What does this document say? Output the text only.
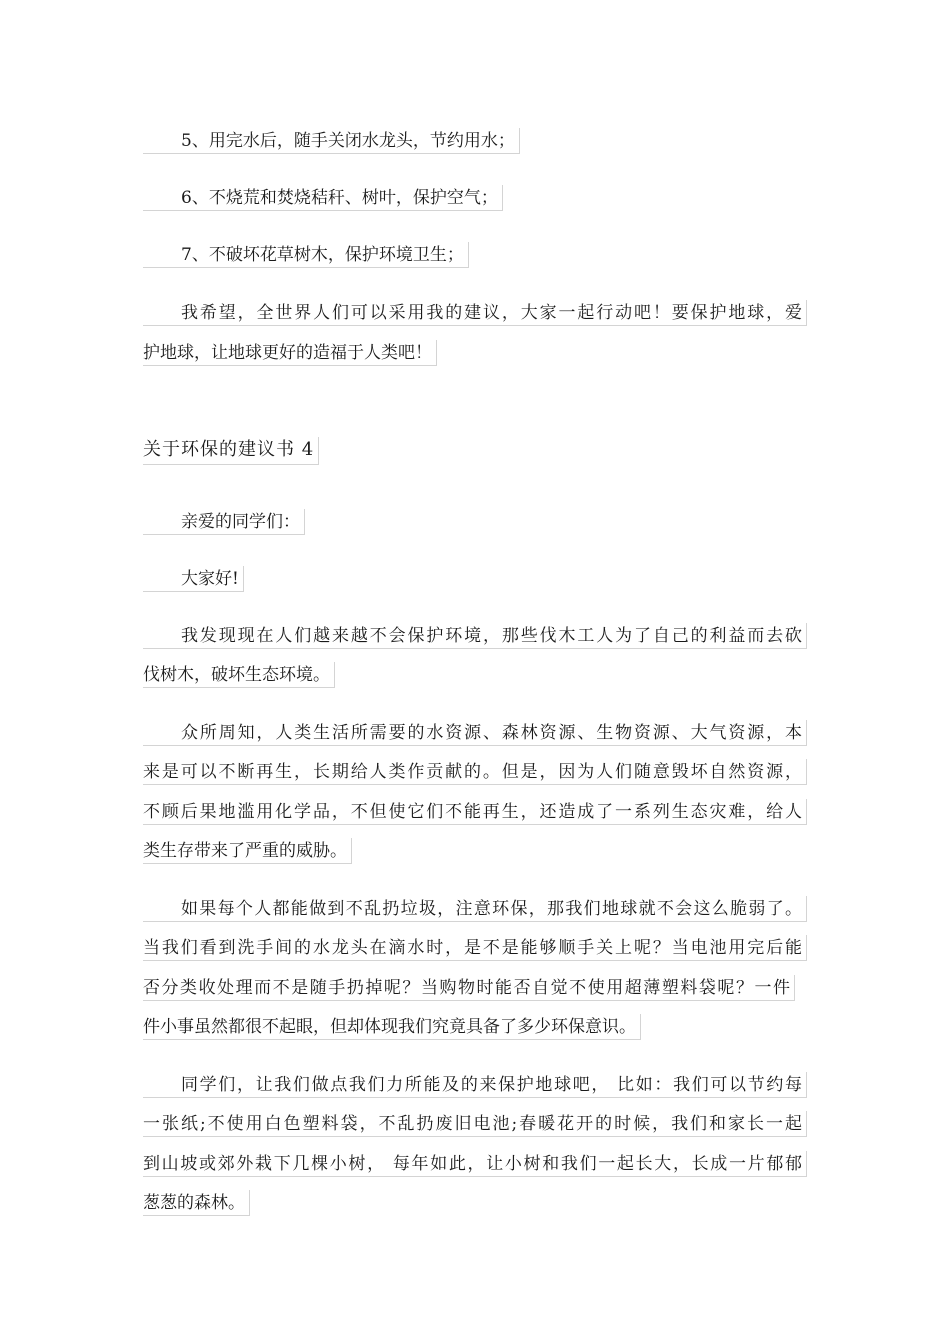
5、用完水后，随手关闭水龙头，节约用水；
6、不烧荒和焚烧秸秆、树叶，保护空气；
7、不破坏花草树木，保护环境卫生；
我希望，全世界人们可以采用我的建议，大家一起行动吧！要保护地球，爱
护地球，让地球更好的造福于人类吧！
关于环保的建议书 4
亲爱的同学们：
大家好!
我发现现在人们越来越不会保护环境，那些伐木工人为了自己的利益而去砍
伐树木，破坏生态环境。
众所周知，人类生活所需要的水资源、森林资源、生物资源、大气资源，本
来是可以不断再生，长期给人类作贡献的。但是，因为人们随意毁坏自然资源，
不顾后果地滥用化学品，不但使它们不能再生，还造成了一系列生态灾难，给人
类生存带来了严重的威胁。
如果每个人都能做到不乱扔垃圾，注意环保，那我们地球就不会这么脆弱了。
当我们看到洗手间的水龙头在滴水时，是不是能够顺手关上呢？当电池用完后能
否分类收处理而不是随手扔掉呢？当购物时能否自觉不使用超薄塑料袋呢？一件
件小事虽然都很不起眼，但却体现我们究竟具备了多少环保意识。
同学们，让我们做点我们力所能及的来保护地球吧， 比如：我们可以节约每
一张纸;不使用白色塑料袋，不乱扔废旧电池;春暖花开的时候，我们和家长一起
到山坡或郊外栽下几棵小树， 每年如此，让小树和我们一起长大，长成一片郁郁
葱葱的森林。
